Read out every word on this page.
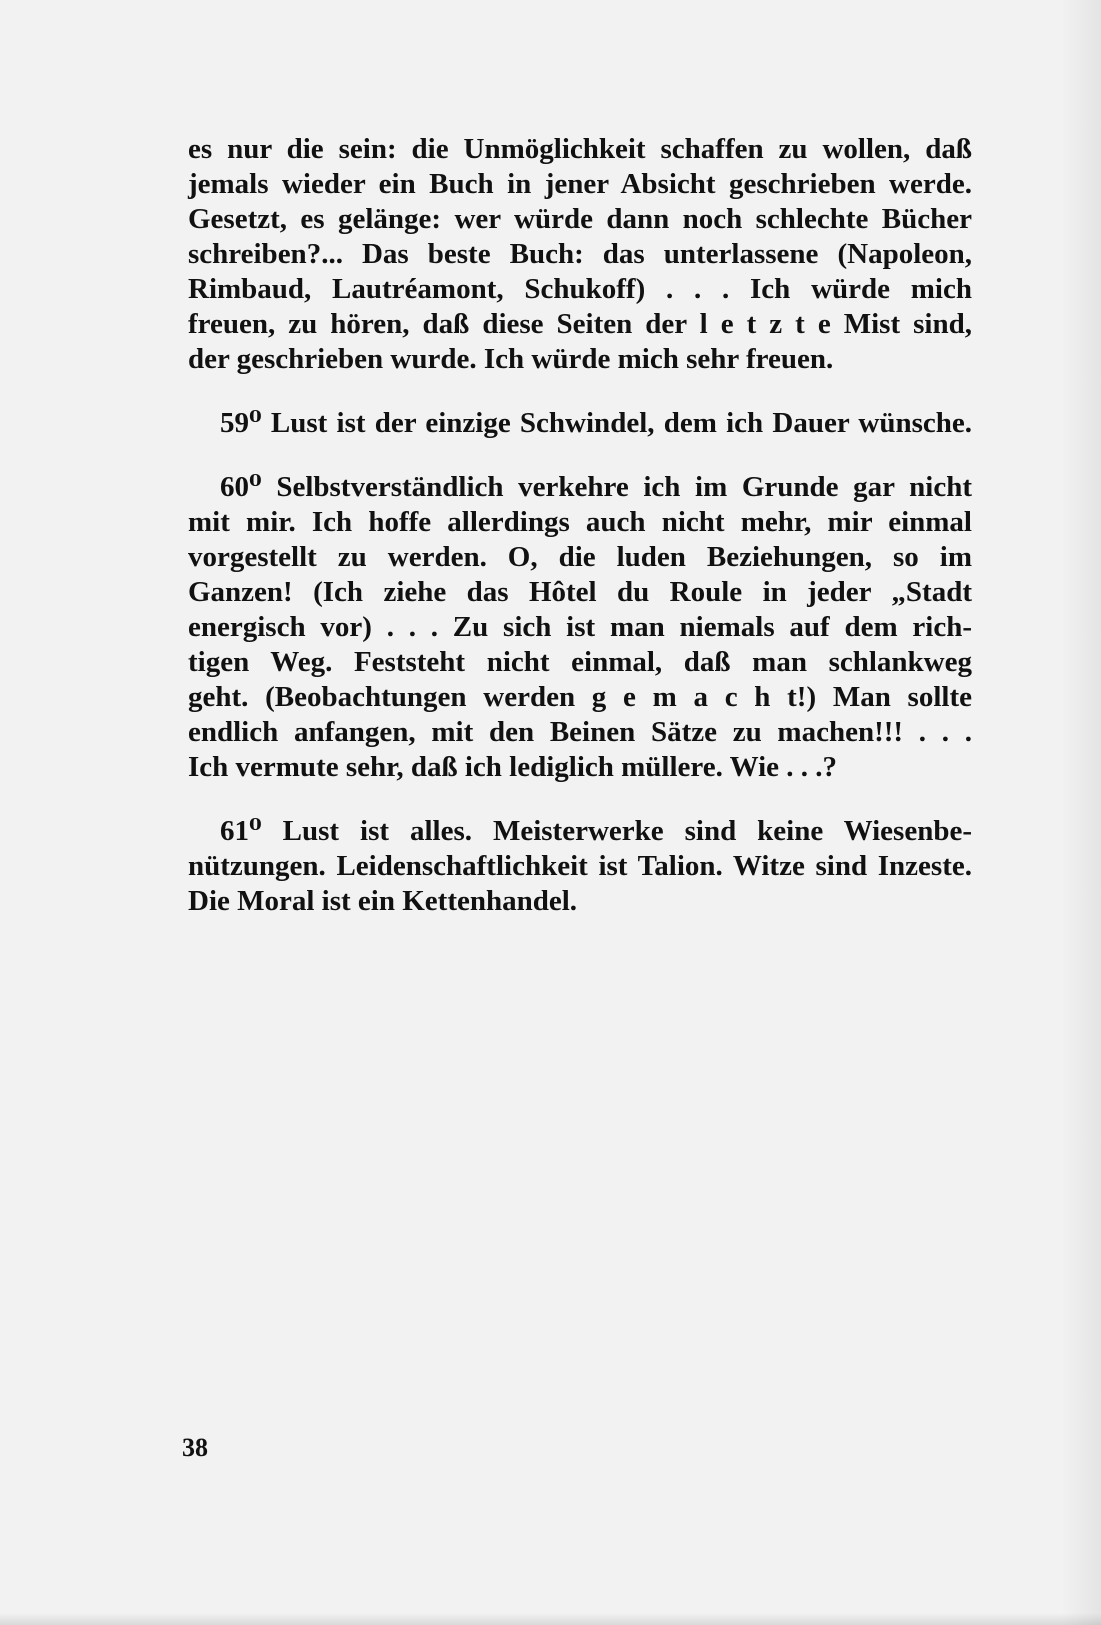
es nur die sein: die Unmöglichkeit schaffen zu wollen, daß
jemals wieder ein Buch in jener Absicht geschrieben werde.
Gesetzt, es gelänge: wer würde dann noch schlechte Bücher
schreiben?... Das beste Buch: das unterlassene (Napoleon,
Rimbaud, Lautréamont, Schukoff) . . . Ich würde mich
freuen, zu hören, daß diese Seiten der l e t z t e Mist sind,
der geschrieben wurde. Ich würde mich sehr freuen.
59⁰ Lust ist der einzige Schwindel, dem ich Dauer wünsche.
60⁰ Selbstverständlich verkehre ich im Grunde gar nicht
mit mir. Ich hoffe allerdings auch nicht mehr, mir einmal
vorgestellt zu werden. O, die luden Beziehungen, so im
Ganzen! (Ich ziehe das Hôtel du Roule in jeder „Stadt
energisch vor) . . . Zu sich ist man niemals auf dem rich-
tigen Weg. Feststeht nicht einmal, daß man schlankweg
geht. (Beobachtungen werden g e m a c h t!) Man sollte
endlich anfangen, mit den Beinen Sätze zu machen!!! . . .
Ich vermute sehr, daß ich lediglich müllere. Wie . . .?
61⁰ Lust ist alles. Meisterwerke sind keine Wiesenbe-
nützungen. Leidenschaftlichkeit ist Talion. Witze sind Inzeste.
Die Moral ist ein Kettenhandel.
38
